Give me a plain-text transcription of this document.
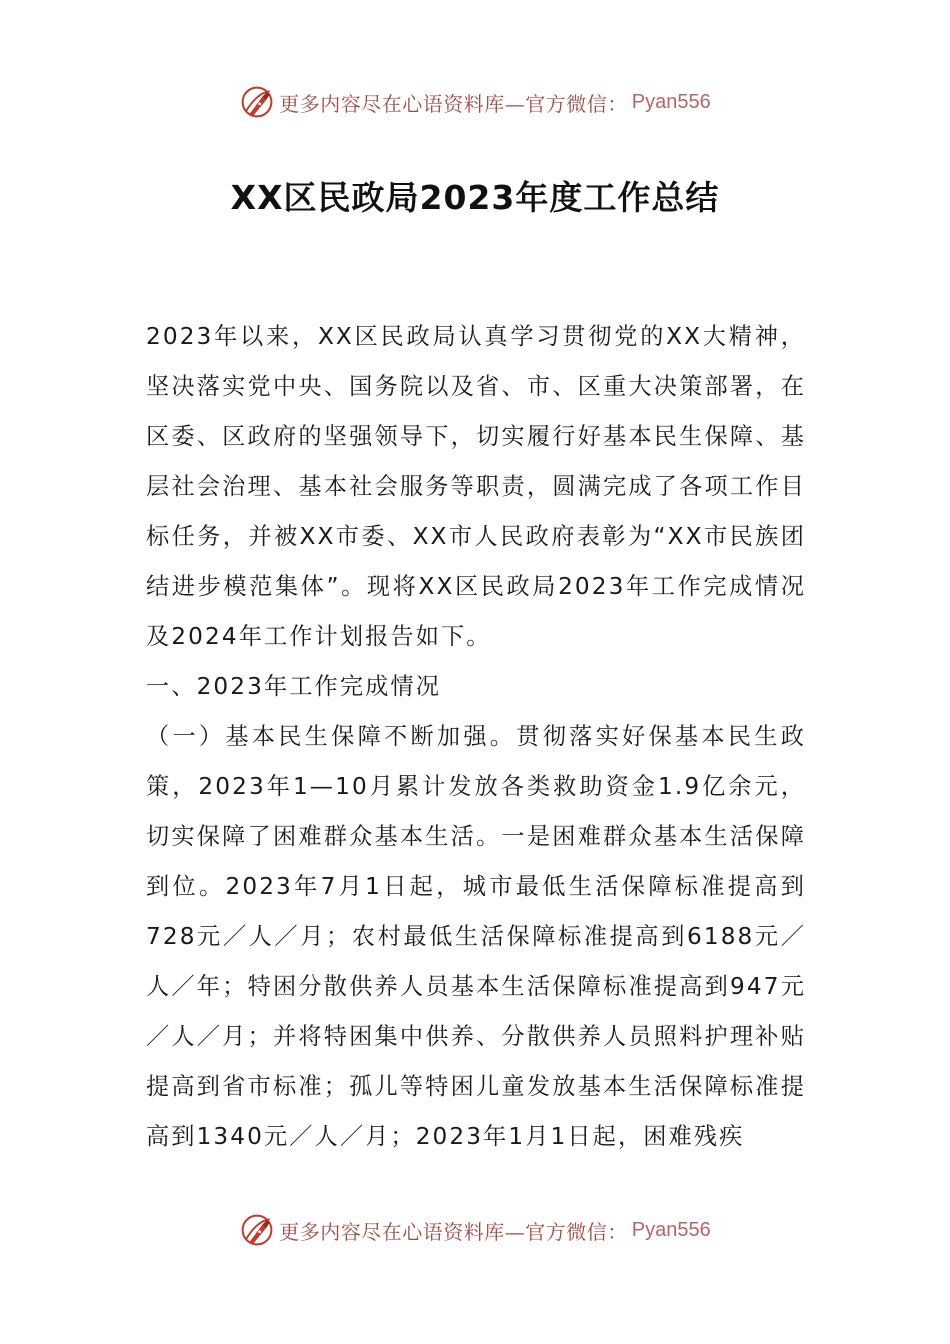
更多内容尽在心语资料库—官方微信： Pyan556
XX区民政局2023年度工作总结

2023年以来，XX区民政局认真学习贯彻党的XX大精神，坚决落实党中央、国务院以及省、市、区重大决策部署，在区委、区政府的坚强领导下，切实履行好基本民生保障、基层社会治理、基本社会服务等职责，圆满完成了各项工作目标任务，并被XX市委、XX市人民政府表彰为“XX市民族团结进步模范集体”。现将XX区民政局2023年工作完成情况及2024年工作计划报告如下。

一、2023年工作完成情况

（一）基本民生保障不断加强。贯彻落实好保基本民生政策，2023年1—10月累计发放各类救助资金1.9亿余元，切实保障了困难群众基本生活。一是困难群众基本生活保障到位。2023年7月1日起，城市最低生活保障标准提高到728元／人／月；农村最低生活保障标准提高到6188元／人／年；特困分散供养人员基本生活保障标准提高到947元／人／月；并将特困集中供养、分散供养人员照料护理补贴提高到省市标准；孤儿等特困儿童发放基本生活保障标准提高到1340元／人／月；2023年1月1日起，困难残疾

更多内容尽在心语资料库—官方微信： Pyan556
